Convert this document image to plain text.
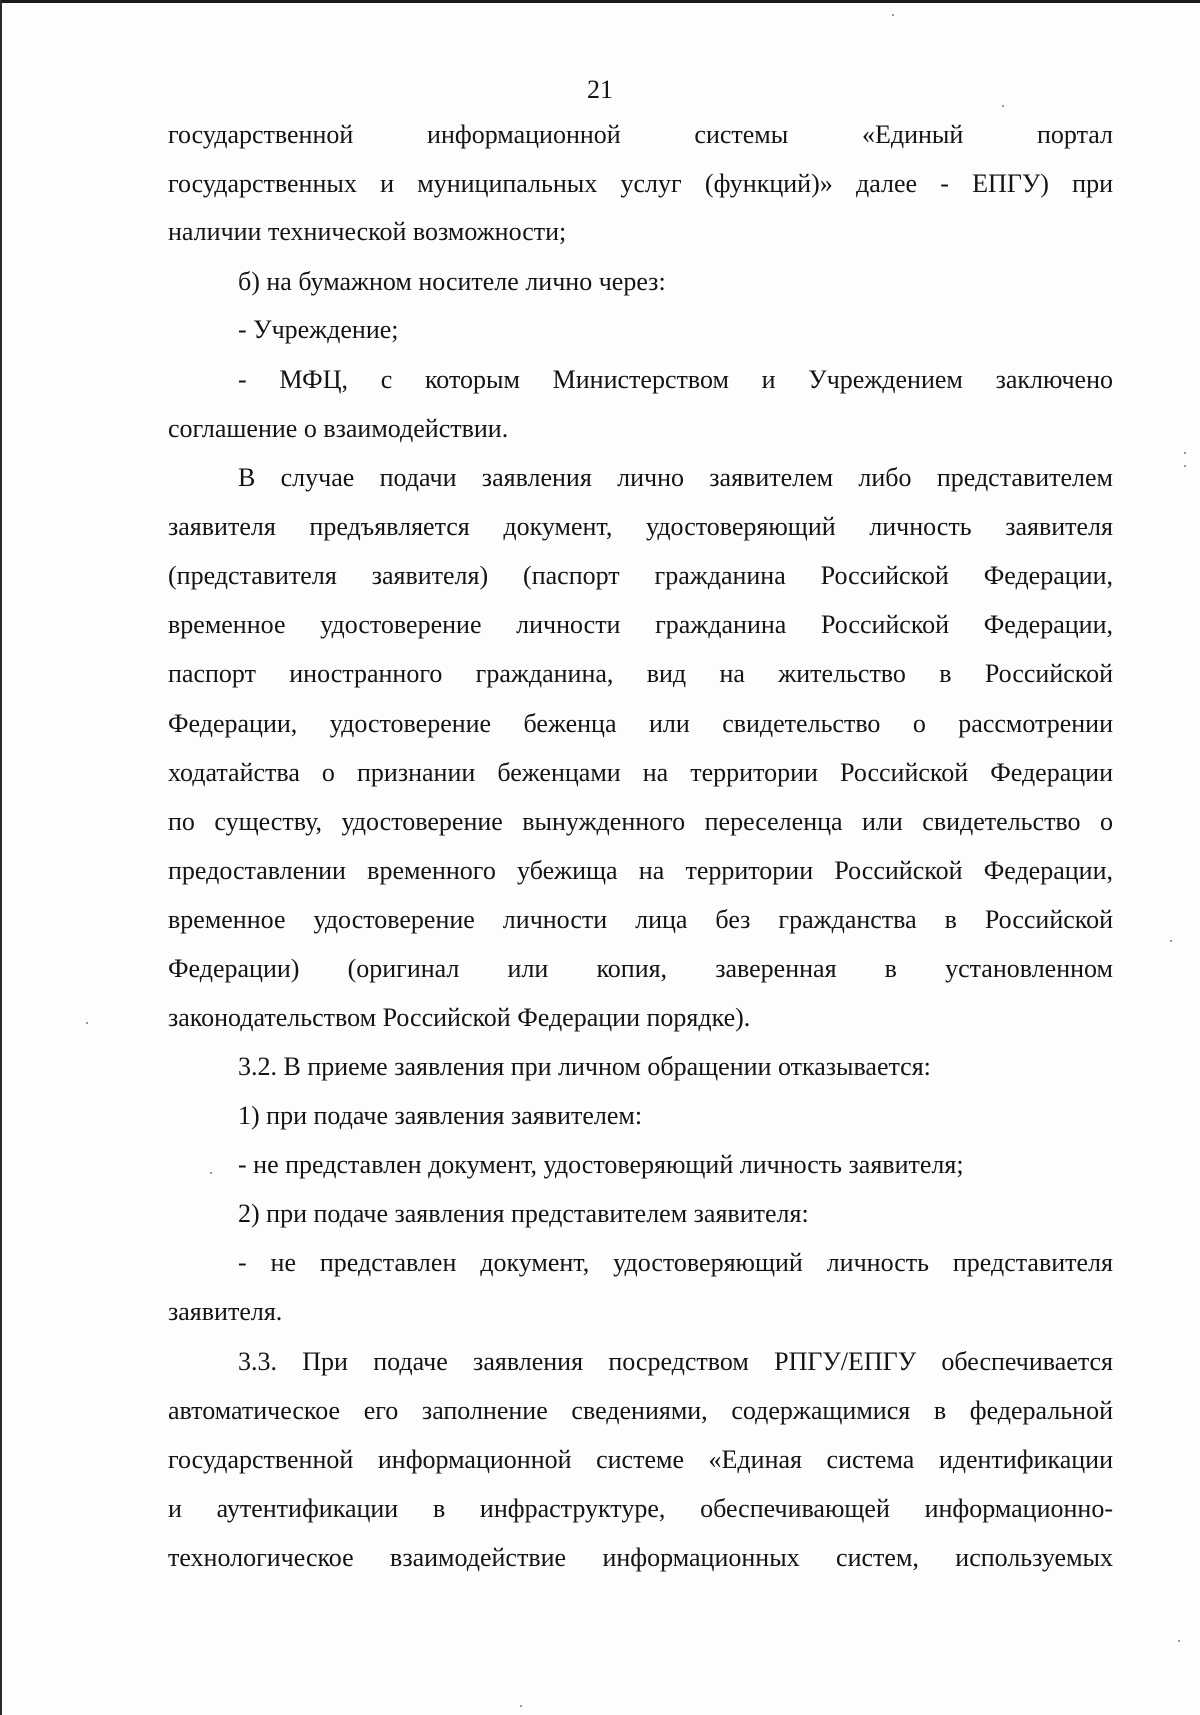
21
государственной информационной системы «Единый портал
государственных и муниципальных услуг (функций)» далее - ЕПГУ) при
наличии технической возможности;
б) на бумажном носителе лично через:
- Учреждение;
- МФЦ, с которым Министерством и Учреждением заключено
соглашение о взаимодействии.
В случае подачи заявления лично заявителем либо представителем
заявителя предъявляется документ, удостоверяющий личность заявителя
(представителя заявителя) (паспорт гражданина Российской Федерации,
временное удостоверение личности гражданина Российской Федерации,
паспорт иностранного гражданина, вид на жительство в Российской
Федерации, удостоверение беженца или свидетельство о рассмотрении
ходатайства о признании беженцами на территории Российской Федерации
по существу, удостоверение вынужденного переселенца или свидетельство о
предоставлении временного убежища на территории Российской Федерации,
временное удостоверение личности лица без гражданства в Российской
Федерации) (оригинал или копия, заверенная в установленном
законодательством Российской Федерации порядке).
3.2. В приеме заявления при личном обращении отказывается:
1) при подаче заявления заявителем:
- не представлен документ, удостоверяющий личность заявителя;
2) при подаче заявления представителем заявителя:
- не представлен документ, удостоверяющий личность представителя
заявителя.
3.3. При подаче заявления посредством РПГУ/ЕПГУ обеспечивается
автоматическое его заполнение сведениями, содержащимися в федеральной
государственной информационной системе «Единая система идентификации
и аутентификации в инфраструктуре, обеспечивающей информационно-
технологическое взаимодействие информационных систем, используемых
